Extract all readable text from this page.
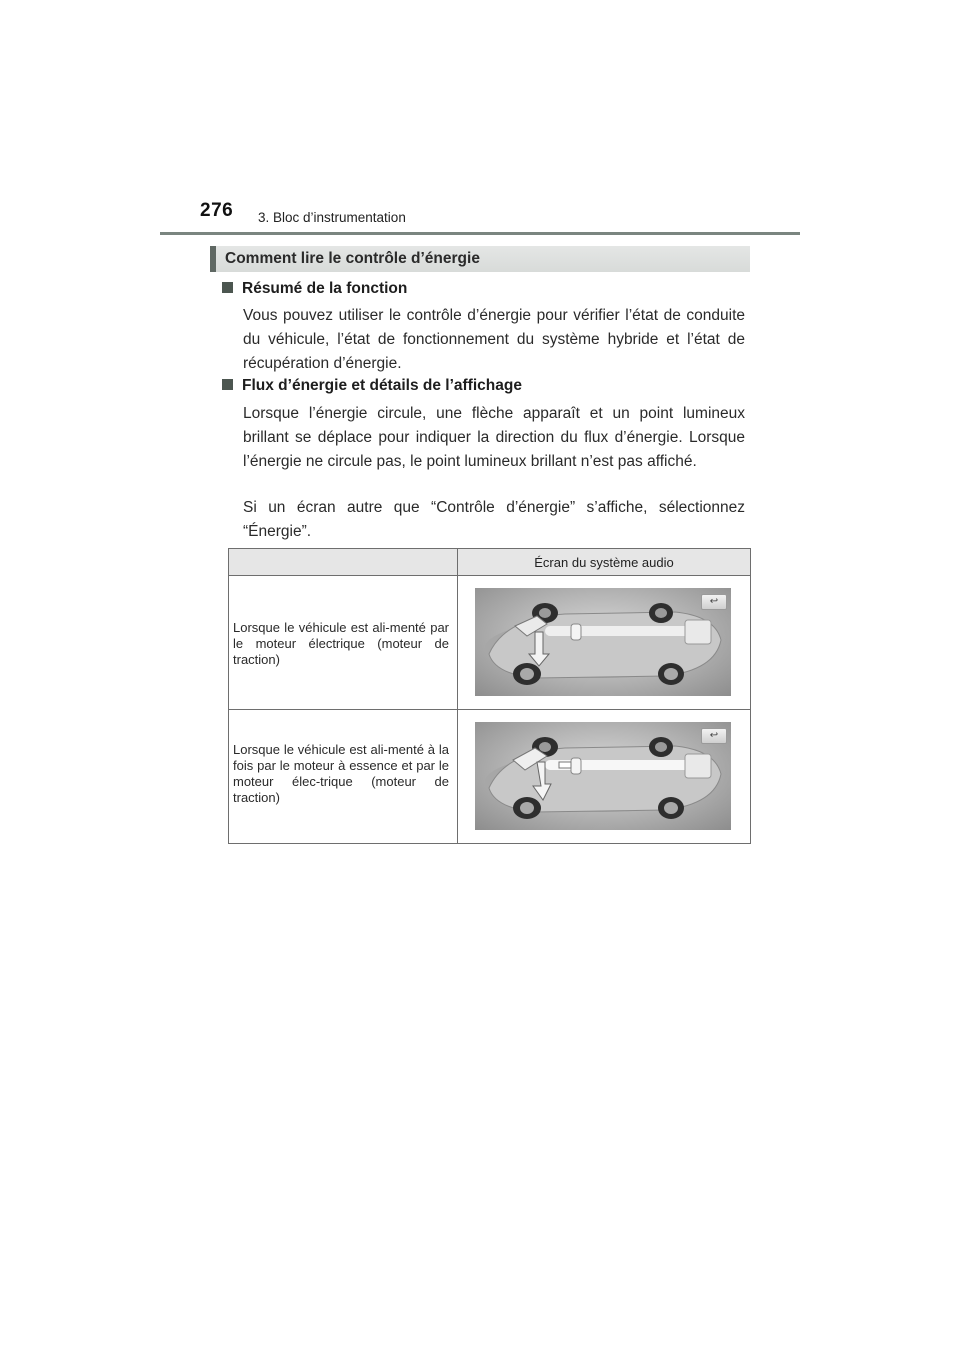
276 3. Bloc d’instrumentation
Comment lire le contrôle d’énergie
Résumé de la fonction
Vous pouvez utiliser le contrôle d’énergie pour vérifier l’état de conduite du véhicule, l’état de fonctionnement du système hybride et l’état de récupération d’énergie.
Flux d’énergie et détails de l’affichage
Lorsque l’énergie circule, une flèche apparaît et un point lumineux brillant se déplace pour indiquer la direction du flux d’énergie. Lorsque l’énergie ne circule pas, le point lumineux brillant n’est pas affiché.
Si un écran autre que “Contrôle d’énergie” s’affiche, sélectionnez “Énergie”.

	Écran du système audio

Lorsque le véhicule est ali-menté par le moteur électrique (moteur de traction)	↩

Lorsque le véhicule est ali-menté à la fois par le moteur à essence et par le moteur élec-trique (moteur de traction)	↩
